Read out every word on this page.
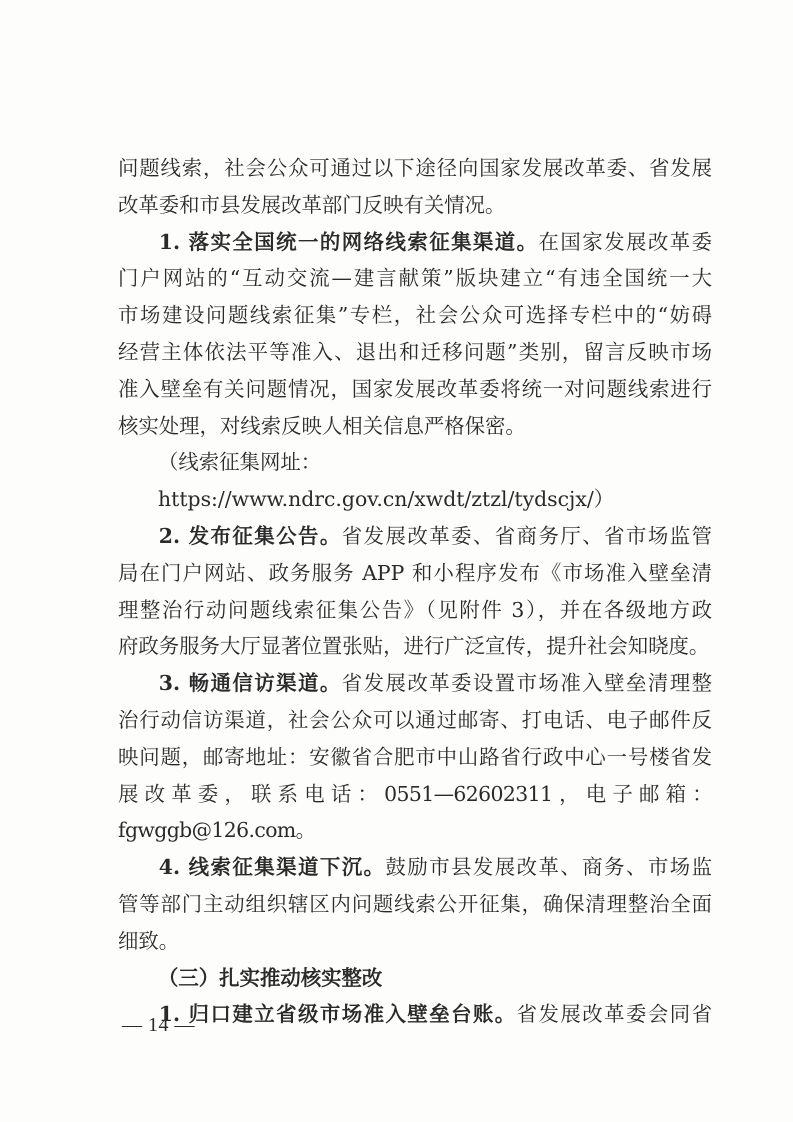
问题线索，社会公众可通过以下途径向国家发展改革委、省发展

改革委和市县发展改革部门反映有关情况。

1. 落实全国统一的网络线索征集渠道。在国家发展改革委

门户网站的“互动交流—建言献策”版块建立“有违全国统一大

市场建设问题线索征集”专栏，社会公众可选择专栏中的“妨碍

经营主体依法平等准入、退出和迁移问题”类别，留言反映市场

准入壁垒有关问题情况，国家发展改革委将统一对问题线索进行

核实处理，对线索反映人相关信息严格保密。

（线索征集网址：https://www.ndrc.gov.cn/xwdt/ztzl/tydscjx/）

2. 发布征集公告。省发展改革委、省商务厅、省市场监管

局在门户网站、政务服务 APP 和小程序发布《市场准入壁垒清

理整治行动问题线索征集公告》（见附件 3），并在各级地方政

府政务服务大厅显著位置张贴，进行广泛宣传，提升社会知晓度。

3. 畅通信访渠道。省发展改革委设置市场准入壁垒清理整

治行动信访渠道，社会公众可以通过邮寄、打电话、电子邮件反

映问题，邮寄地址：安徽省合肥市中山路省行政中心一号楼省发

展改革委，联系电话：0551—62602311，电子邮箱：fgwggb@126.com。

4. 线索征集渠道下沉。鼓励市县发展改革、商务、市场监

管等部门主动组织辖区内问题线索公开征集，确保清理整治全面

细致。

（三）扎实推动核实整改

1. 归口建立省级市场准入壁垒台账。省发展改革委会同省

— 14 —
